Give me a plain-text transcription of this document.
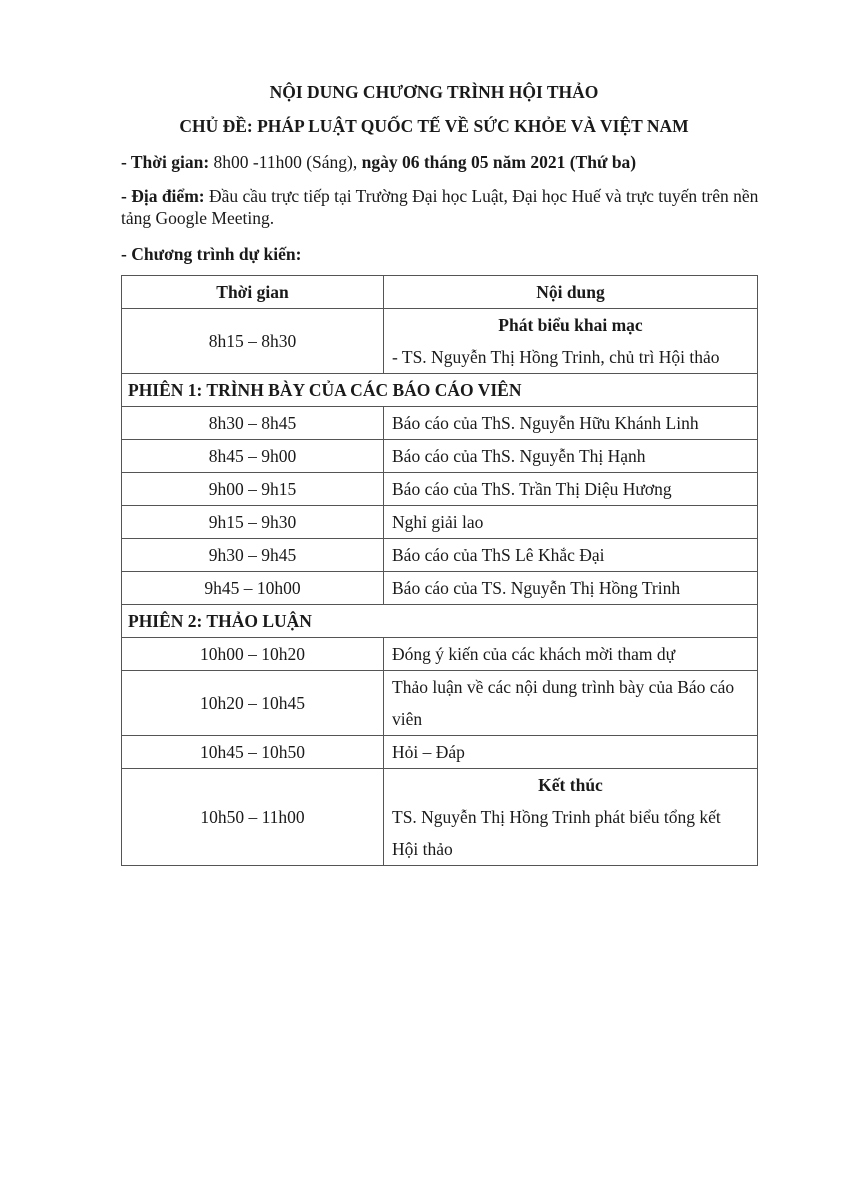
NỘI DUNG CHƯƠNG TRÌNH HỘI THẢO
CHỦ ĐỀ: PHÁP LUẬT QUỐC TẾ VỀ SỨC KHỎE VÀ VIỆT NAM
- Thời gian: 8h00 -11h00 (Sáng), ngày 06 tháng 05 năm 2021 (Thứ ba)
- Địa điểm: Đầu cầu trực tiếp tại Trường Đại học Luật, Đại học Huế và trực tuyến trên nền tảng Google Meeting.
- Chương trình dự kiến:
Thời gian	Nội dung
8h15 – 8h30	Phát biểu khai mạc
- TS. Nguyễn Thị Hồng Trinh, chủ trì Hội thảo
PHIÊN 1: TRÌNH BÀY CỦA CÁC BÁO CÁO VIÊN	
8h30 – 8h45	Báo cáo của ThS. Nguyễn Hữu Khánh Linh
8h45 – 9h00	Báo cáo của ThS. Nguyễn Thị Hạnh
9h00 – 9h15	Báo cáo của ThS. Trần Thị Diệu Hương
9h15 – 9h30	Nghỉ giải lao
9h30 – 9h45	Báo cáo của ThS Lê Khắc Đại
9h45 – 10h00	Báo cáo của TS. Nguyễn Thị Hồng Trinh
PHIÊN 2: THẢO LUẬN	
10h00 – 10h20	Đóng ý kiến của các khách mời tham dự
10h20 – 10h45	Thảo luận về các nội dung trình bày của Báo cáo viên
10h45 – 10h50	Hỏi – Đáp
10h50 – 11h00	Kết thúc
TS. Nguyễn Thị Hồng Trinh phát biểu tổng kết Hội thảo
